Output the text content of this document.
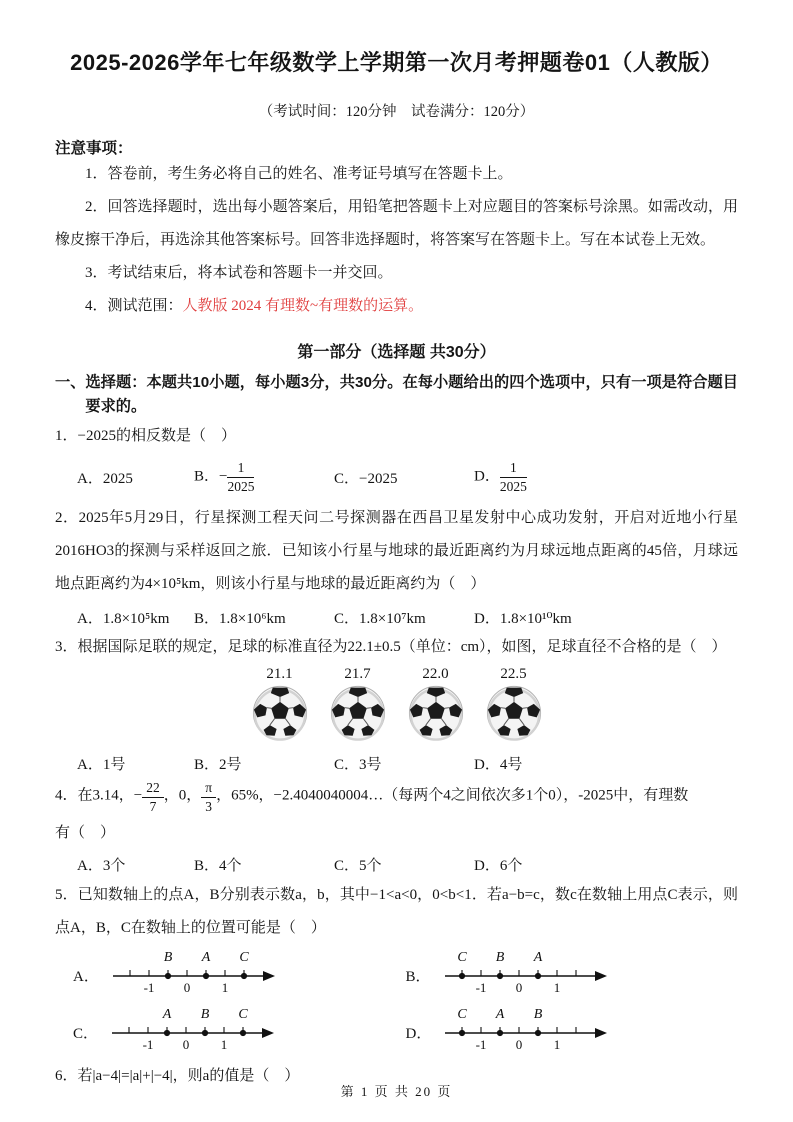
2025-2026学年七年级数学上学期第一次月考押题卷01（人教版）
（考试时间：120分钟　试卷满分：120分）
注意事项：

1．答卷前，考生务必将自己的姓名、准考证号填写在答题卡上。

2．回答选择题时，选出每小题答案后，用铅笔把答题卡上对应题目的答案标号涂黑。如需改动，用橡皮擦干净后，再选涂其他答案标号。回答非选择题时，将答案写在答题卡上。写在本试卷上无效。

3．考试结束后，将本试卷和答题卡一并交回。

4．测试范围：人教版 2024 有理数~有理数的运算。

第一部分（选择题 共30分）
一、选择题：本题共10小题，每小题3分，共30分。在每小题给出的四个选项中，只有一项是符合题目要求的。

1．−2025的相反数是（　）

A．2025	B．− $\frac{1}{2025}$	C．−2025	D． $\frac{1}{2025}$

2．2025年5月29日，行星探测工程天问二号探测器在西昌卫星发射中心成功发射，开启对近地小行星2016HO3的探测与采样返回之旅．已知该小行星与地球的最近距离约为月球远地点距离的45倍，月球远地点距离约为4×10⁵km，则该小行星与地球的最近距离约为（　）

A．1.8×10⁵km	B．1.8×10⁶km	C．1.8×10⁷km	D．1.8×10¹⁰km

3．根据国际足联的规定，足球的标准直径为22.1±0.5（单位：cm），如图，足球直径不合格的是（　）

21.1	21.7	22.0	22.5
A．1号	B．2号	C．3号	D．4号

4．在3.14，− $\frac{22}{7}$ ，0， $\frac{\pi}{3}$ ，65%，−2.4040040004…（每两个4之间依次多1个0），-2025中，有理数

有（　）

A．3个	B．4个	C．5个	D．6个

5．已知数轴上的点A，B分别表示数a，b，其中−1<a<0，0<b<1．若a−b=c，数c在数轴上用点C表示，则点A，B，C在数轴上的位置可能是（　）

A．
-1 0 1
B A C
B．
-1 0 1
C B A
C．
-1 0 1
A B C
D．
-1 0 1
C A B

6．若|a−4|=|a|+|−4|，则a的值是（　）

第 1 页 共 20 页
